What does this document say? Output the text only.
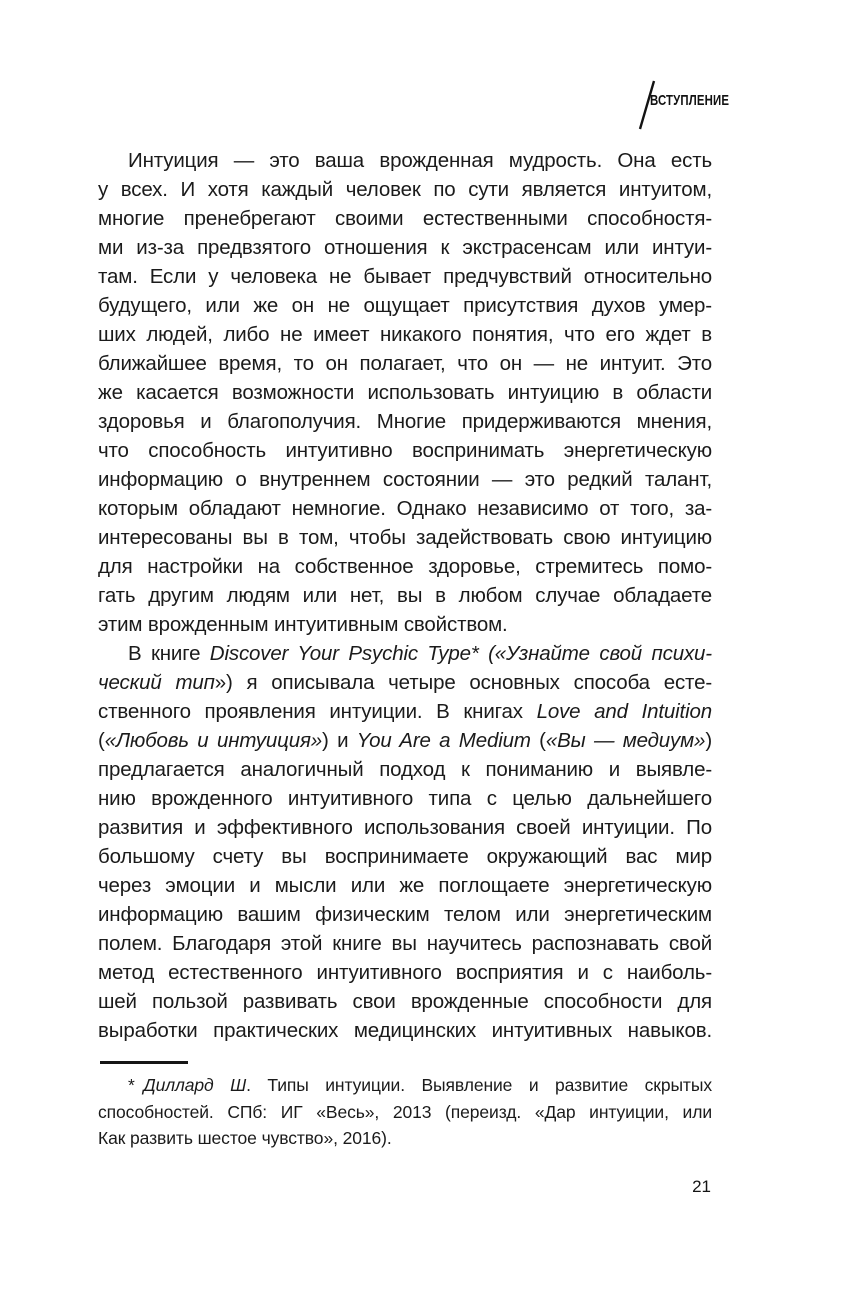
ВСТУПЛЕНИЕ
Интуиция — это ваша врожденная мудрость. Она есть
у всех. И хотя каждый человек по сути является интуитом,
многие пренебрегают своими естественными способностя-
ми из-за предвзятого отношения к экстрасенсам или интуи-
там. Если у человека не бывает предчувствий относительно
будущего, или же он не ощущает присутствия духов умер-
ших людей, либо не имеет никакого понятия, что его ждет в
ближайшее время, то он полагает, что он — не интуит. Это
же касается возможности использовать интуицию в области
здоровья и благополучия. Многие придерживаются мнения,
что способность интуитивно воспринимать энергетическую
информацию о внутреннем состоянии — это редкий талант,
которым обладают немногие. Однако независимо от того, за-
интересованы вы в том, чтобы задействовать свою интуицию
для настройки на собственное здоровье, стремитесь помо-
гать другим людям или нет, вы в любом случае обладаете
этим врожденным интуитивным свойством.
В книге Discover Your Psychic Type* («Узнайте свой психи-
ческий тип») я описывала четыре основных способа есте-
ственного проявления интуиции. В книгах Love and Intuition
(«Любовь и интуиция») и You Are a Medium («Вы — медиум»)
предлагается аналогичный подход к пониманию и выявле-
нию врожденного интуитивного типа с целью дальнейшего
развития и эффективного использования своей интуиции. По
большому счету вы воспринимаете окружающий вас мир
через эмоции и мысли или же поглощаете энергетическую
информацию вашим физическим телом или энергетическим
полем. Благодаря этой книге вы научитесь распознавать свой
метод естественного интуитивного восприятия и с наиболь-
шей пользой развивать свои врожденные способности для
выработки практических медицинских интуитивных навыков.
* Диллард Ш. Типы интуиции. Выявление и развитие скрытых
способностей. СПб: ИГ «Весь», 2013 (переизд. «Дар интуиции, или
Как развить шестое чувство», 2016).
21
